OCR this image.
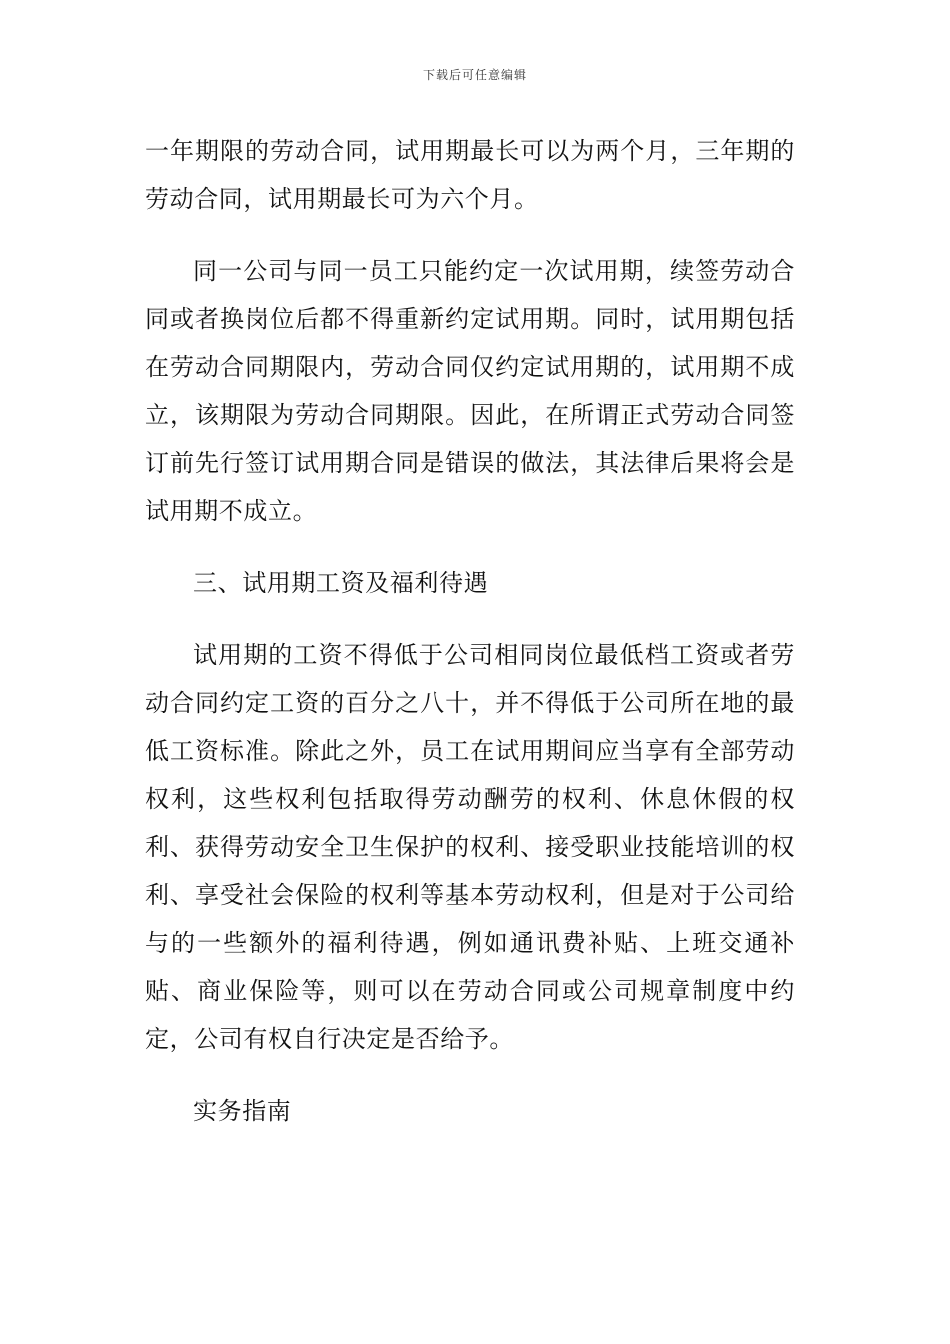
下载后可任意编辑

一年期限的劳动合同，试用期最长可以为两个月，三年期的劳动合同，试用期最长可为六个月。

同一公司与同一员工只能约定一次试用期，续签劳动合同或者换岗位后都不得重新约定试用期。同时，试用期包括在劳动合同期限内，劳动合同仅约定试用期的，试用期不成立，该期限为劳动合同期限。因此，在所谓正式劳动合同签订前先行签订试用期合同是错误的做法，其法律后果将会是试用期不成立。

三、试用期工资及福利待遇

试用期的工资不得低于公司相同岗位最低档工资或者劳动合同约定工资的百分之八十，并不得低于公司所在地的最低工资标准。除此之外，员工在试用期间应当享有全部劳动权利，这些权利包括取得劳动酬劳的权利、休息休假的权利、获得劳动安全卫生保护的权利、接受职业技能培训的权利、享受社会保险的权利等基本劳动权利，但是对于公司给与的一些额外的福利待遇，例如通讯费补贴、上班交通补贴、商业保险等，则可以在劳动合同或公司规章制度中约定，公司有权自行决定是否给予。

实务指南
